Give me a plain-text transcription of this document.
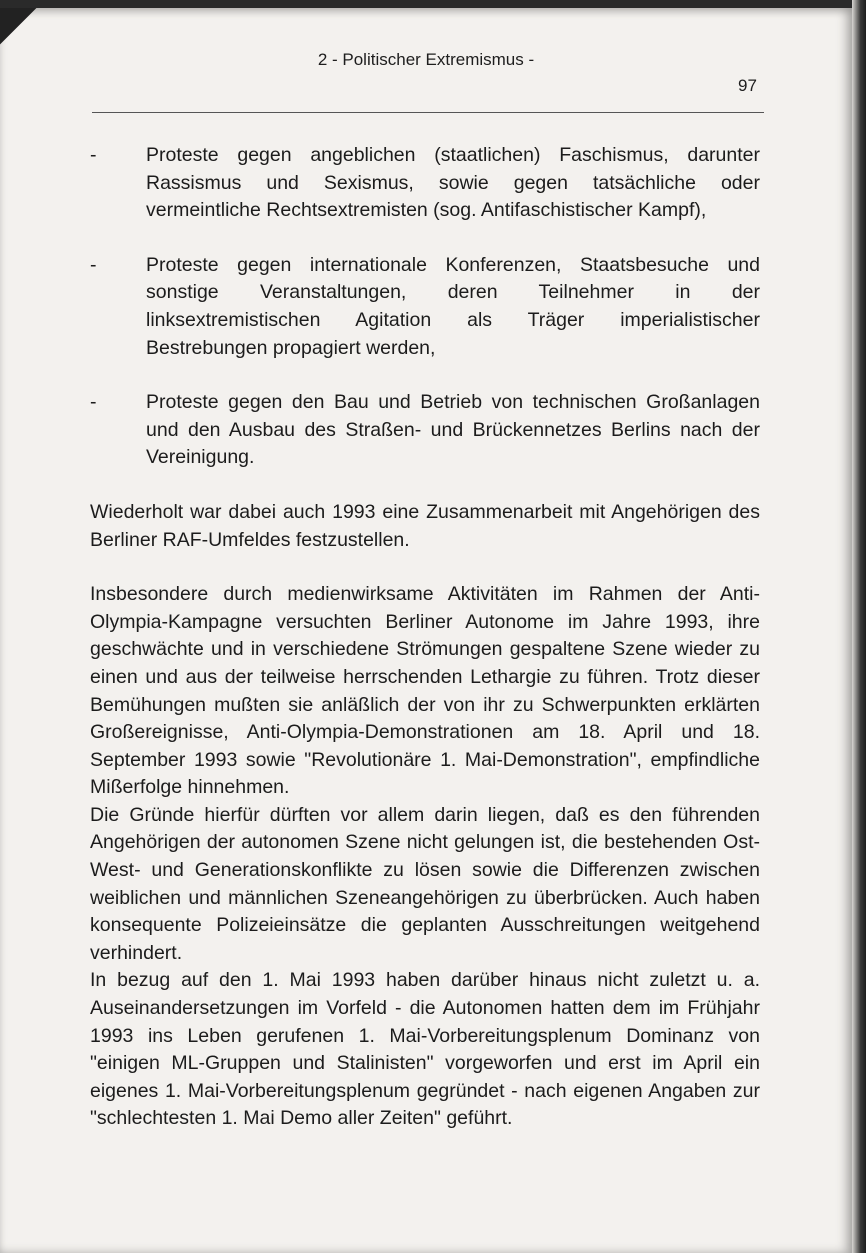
2 - Politischer Extremismus -
97
-	Proteste gegen angeblichen (staatlichen) Faschismus, darunter Rassismus und Sexismus, sowie gegen tatsächliche oder vermeintliche Rechtsextremisten (sog. Antifaschistischer Kampf),

-	Proteste gegen internationale Konferenzen, Staatsbesuche und sonstige Veranstaltungen, deren Teilnehmer in der linksextremistischen Agitation als Träger imperialistischer Bestrebungen propagiert werden,

-	Proteste gegen den Bau und Betrieb von technischen Großanlagen und den Ausbau des Straßen- und Brückennetzes Berlins nach der Vereinigung.

Wiederholt war dabei auch 1993 eine Zusammenarbeit mit Angehörigen des Berliner RAF-Umfeldes festzustellen.

Insbesondere durch medienwirksame Aktivitäten im Rahmen der Anti-Olympia-Kampagne versuchten Berliner Autonome im Jahre 1993, ihre geschwächte und in verschiedene Strömungen gespaltene Szene wieder zu einen und aus der teilweise herrschenden Lethargie zu führen. Trotz dieser Bemühungen mußten sie anläßlich der von ihr zu Schwerpunkten erklärten Großereignisse, Anti-Olympia-Demonstrationen am 18. April und 18. September 1993 sowie "Revolutionäre 1. Mai-Demonstration", empfindliche Mißerfolge hinnehmen.

Die Gründe hierfür dürften vor allem darin liegen, daß es den führenden Angehörigen der autonomen Szene nicht gelungen ist, die bestehenden Ost-West- und Generationskonflikte zu lösen sowie die Differenzen zwischen weiblichen und männlichen Szeneangehörigen zu überbrücken. Auch haben konsequente Polizeieinsätze die geplanten Ausschreitungen weitgehend verhindert.

In bezug auf den 1. Mai 1993 haben darüber hinaus nicht zuletzt u. a. Auseinandersetzungen im Vorfeld - die Autonomen hatten dem im Frühjahr 1993 ins Leben gerufenen 1. Mai-Vorbereitungsplenum Dominanz von "einigen ML-Gruppen und Stalinisten" vorgeworfen und erst im April ein eigenes 1. Mai-Vorbereitungsplenum gegründet - nach eigenen Angaben zur "schlechtesten 1. Mai Demo aller Zeiten" geführt.
